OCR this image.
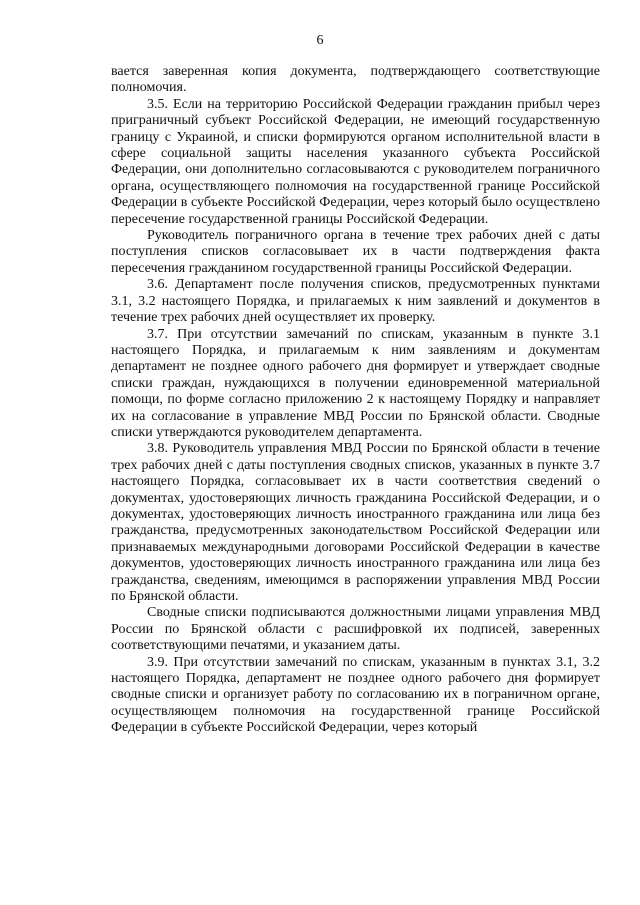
6

вается заверенная копия документа, подтверждающего соответствующие полномочия.

3.5. Если на территорию Российской Федерации гражданин прибыл через приграничный субъект Российской Федерации, не имеющий государственную границу с Украиной, и списки формируются органом исполнительной власти в сфере социальной защиты населения указанного субъекта Российской Федерации, они дополнительно согласовываются с руководителем пограничного органа, осуществляющего полномочия на государственной границе Российской Федерации в субъекте Российской Федерации, через который было осуществлено пересечение государственной границы Российской Федерации.

Руководитель пограничного органа в течение трех рабочих дней с даты поступления списков согласовывает их в части подтверждения факта пересечения гражданином государственной границы Российской Федерации.

3.6. Департамент после получения списков, предусмотренных пунктами 3.1, 3.2 настоящего Порядка, и прилагаемых к ним заявлений и документов в течение трех рабочих дней осуществляет их проверку.

3.7. При отсутствии замечаний по спискам, указанным в пункте 3.1 настоящего Порядка, и прилагаемым к ним заявлениям и документам департамент не позднее одного рабочего дня формирует и утверждает сводные списки граждан, нуждающихся в получении единовременной материальной помощи, по форме согласно приложению 2 к настоящему Порядку и направляет их на согласование в управление МВД России по Брянской области. Сводные списки утверждаются руководителем департамента.

3.8. Руководитель управления МВД России по Брянской области в течение трех рабочих дней с даты поступления сводных списков, указанных в пункте 3.7 настоящего Порядка, согласовывает их в части соответствия сведений о документах, удостоверяющих личность гражданина Российской Федерации, и о документах, удостоверяющих личность иностранного гражданина или лица без гражданства, предусмотренных законодательством Российской Федерации или признаваемых международными договорами Российской Федерации в качестве документов, удостоверяющих личность иностранного гражданина или лица без гражданства, сведениям, имеющимся в распоряжении управления МВД России по Брянской области.

Сводные списки подписываются должностными лицами управления МВД России по Брянской области с расшифровкой их подписей, заверенных соответствующими печатями, и указанием даты.

3.9. При отсутствии замечаний по спискам, указанным в пунктах 3.1, 3.2 настоящего Порядка, департамент не позднее одного рабочего дня формирует сводные списки и организует работу по согласованию их в пограничном органе, осуществляющем полномочия на государственной границе Российской Федерации в субъекте Российской Федерации, через который
